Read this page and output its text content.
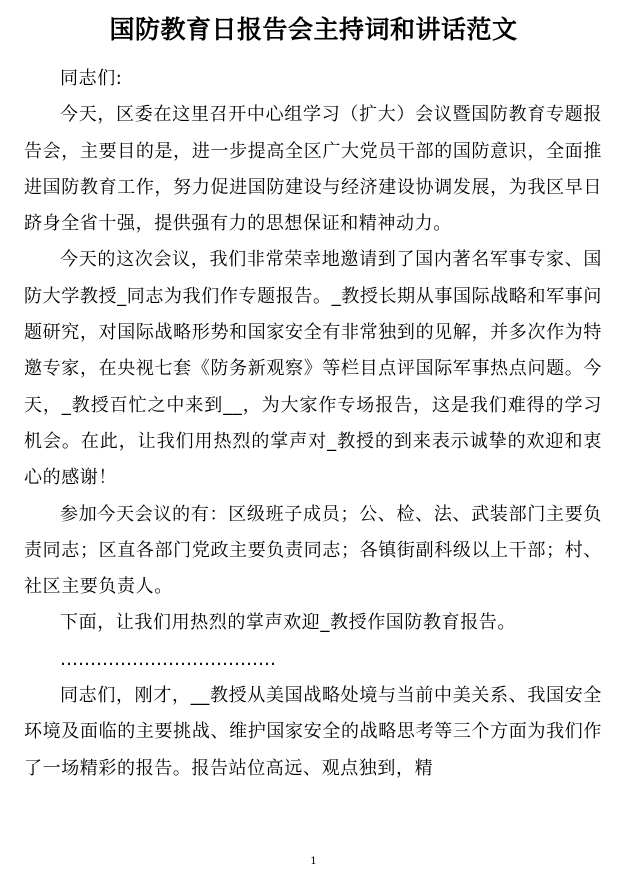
国防教育日报告会主持词和讲话范文

同志们:

今天，区委在这里召开中心组学习（扩大）会议暨国防教育专题报告会，主要目的是，进一步提高全区广大党员干部的国防意识，全面推进国防教育工作，努力促进国防建设与经济建设协调发展，为我区早日跻身全省十强，提供强有力的思想保证和精神动力。

今天的这次会议，我们非常荣幸地邀请到了国内著名军事专家、国防大学教授_同志为我们作专题报告。_教授长期从事国际战略和军事问题研究，对国际战略形势和国家安全有非常独到的见解，并多次作为特邀专家，在央视七套《防务新观察》等栏目点评国际军事热点问题。今天，_教授百忙之中来到__，为大家作专场报告，这是我们难得的学习机会。在此，让我们用热烈的掌声对_教授的到来表示诚挚的欢迎和衷心的感谢！

参加今天会议的有：区级班子成员；公、检、法、武装部门主要负责同志；区直各部门党政主要负责同志；各镇街副科级以上干部；村、社区主要负责人。

下面，让我们用热烈的掌声欢迎_教授作国防教育报告。

………………………………

同志们，刚才，__教授从美国战略处境与当前中美关系、我国安全环境及面临的主要挑战、维护国家安全的战略思考等三个方面为我们作了一场精彩的报告。报告站位高远、观点独到，精

1
